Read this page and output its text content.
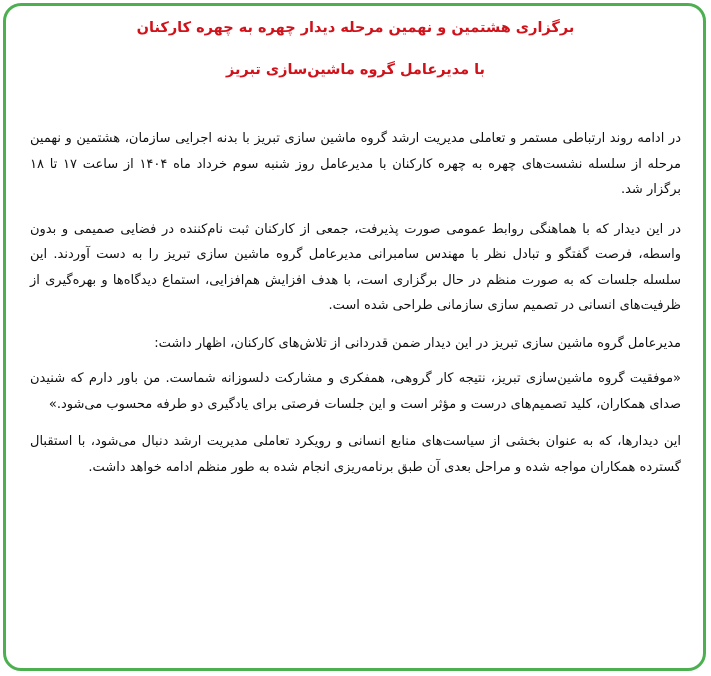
برگزاری هشتمین و نهمین مرحله دیدار چهره به چهره کارکنان
با مدیرعامل گروه ماشین‌سازی تبریز

در ادامه روند ارتباطی مستمر و تعاملی مدیریت ارشد گروه ماشین سازی تبریز با بدنه اجرایی سازمان، هشتمین و نهمین مرحله از سلسله نشست‌های چهره به چهره کارکنان با مدیرعامل روز شنبه سوم خرداد ماه ۱۴۰۴ از ساعت ۱۷ تا ۱۸ برگزار شد.

در این دیدار که با هماهنگی روابط عمومی صورت پذیرفت، جمعی از کارکنان ثبت نام‌کننده در فضایی صمیمی و بدون واسطه، فرصت گفتگو و تبادل نظر با مهندس سامبرانی مدیرعامل گروه ماشین سازی تبریز را به دست آوردند. این سلسله جلسات که به صورت منظم در حال برگزاری است، با هدف افزایش هم‌افزایی، استماع دیدگاه‌ها و بهره‌گیری از ظرفیت‌های انسانی در تصمیم سازی سازمانی طراحی شده است.

مدیرعامل گروه ماشین سازی تبریز در این دیدار ضمن قدردانی از تلاش‌های کارکنان، اظهار داشت:

«موفقیت گروه ماشین‌سازی تبریز، نتیجه کار گروهی، همفکری و مشارکت دلسوزانه شماست. من باور دارم که شنیدن صدای همکاران، کلید تصمیم‌های درست و مؤثر است و این جلسات فرصتی برای یادگیری دو طرفه محسوب می‌شود.»

این دیدارها، که به عنوان بخشی از سیاست‌های منابع انسانی و رویکرد تعاملی مدیریت ارشد دنبال می‌شود، با استقبال گسترده همکاران مواجه شده و مراحل بعدی آن طبق برنامه‌ریزی انجام شده به طور منظم ادامه خواهد داشت.
